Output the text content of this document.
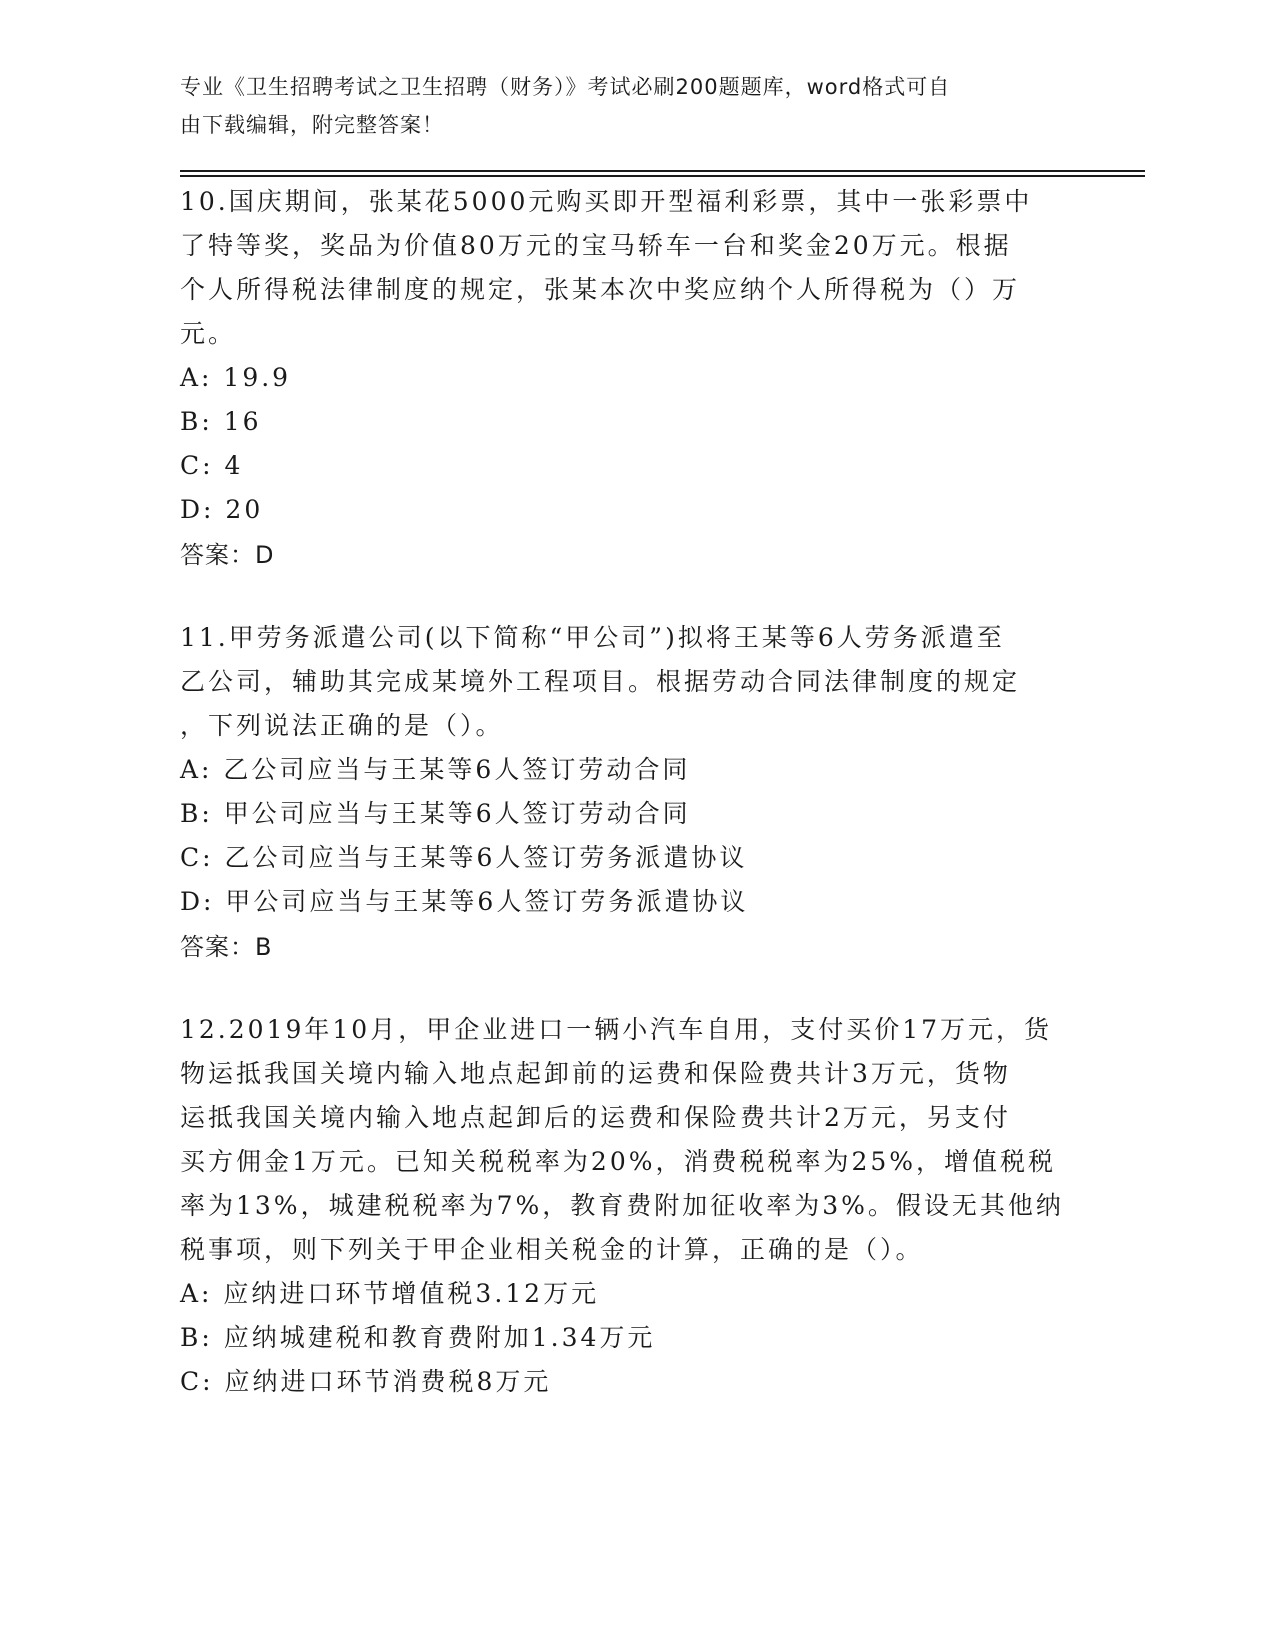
专业《卫生招聘考试之卫生招聘（财务）》考试必刷200题题库，word格式可自
由下载编辑，附完整答案！

10.国庆期间，张某花5000元购买即开型福利彩票，其中一张彩票中

了特等奖，奖品为价值80万元的宝马轿车一台和奖金20万元。根据

个人所得税法律制度的规定，张某本次中奖应纳个人所得税为（）万

元。

A: 19.9

B: 16

C: 4

D: 20

答案：D

11.甲劳务派遣公司(以下简称“甲公司”)拟将王某等6人劳务派遣至

乙公司，辅助其完成某境外工程项目。根据劳动合同法律制度的规定

，下列说法正确的是（）。

A: 乙公司应当与王某等6人签订劳动合同

B: 甲公司应当与王某等6人签订劳动合同

C: 乙公司应当与王某等6人签订劳务派遣协议

D: 甲公司应当与王某等6人签订劳务派遣协议

答案：B

12.2019年10月，甲企业进口一辆小汽车自用，支付买价17万元，货

物运抵我国关境内输入地点起卸前的运费和保险费共计3万元，货物

运抵我国关境内输入地点起卸后的运费和保险费共计2万元，另支付

买方佣金1万元。已知关税税率为20%，消费税税率为25%，增值税税

率为13%，城建税税率为7%，教育费附加征收率为3%。假设无其他纳

税事项，则下列关于甲企业相关税金的计算，正确的是（）。

A: 应纳进口环节增值税3.12万元

B: 应纳城建税和教育费附加1.34万元

C: 应纳进口环节消费税8万元
